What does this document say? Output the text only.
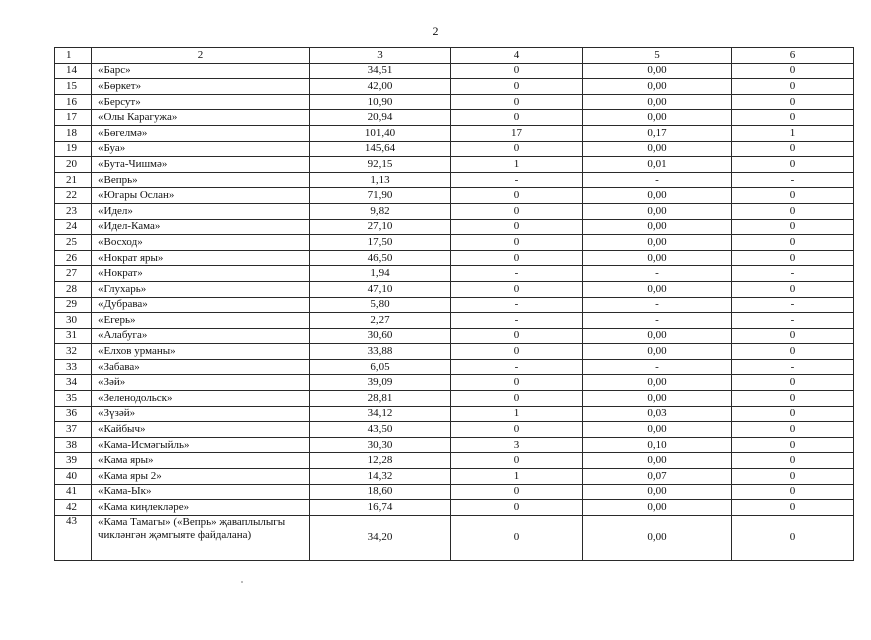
2
1	2	3	4	5	6
14	«Барс»	34,51	0	0,00	0
15	«Бөркет»	42,00	0	0,00	0
16	«Берсут»	10,90	0	0,00	0
17	«Олы Карагужа»	20,94	0	0,00	0
18	«Бөгелмә»	101,40	17	0,17	1
19	«Буа»	145,64	0	0,00	0
20	«Бута-Чишмә»	92,15	1	0,01	0
21	«Вепрь»	1,13	-	-	-
22	«Югары Ослан»	71,90	0	0,00	0
23	«Идел»	9,82	0	0,00	0
24	«Идел-Кама»	27,10	0	0,00	0
25	«Восход»	17,50	0	0,00	0
26	«Нократ яры»	46,50	0	0,00	0
27	«Нократ»	1,94	-	-	-
28	«Глухарь»	47,10	0	0,00	0
29	«Дубрава»	5,80	-	-	-
30	«Егерь»	2,27	-	-	-
31	«Алабуга»	30,60	0	0,00	0
32	«Елхов урманы»	33,88	0	0,00	0
33	«Забава»	6,05	-	-	-
34	«Зәй»	39,09	0	0,00	0
35	«Зеленодольск»	28,81	0	0,00	0
36	«Зүзәй»	34,12	1	0,03	0
37	«Кайбыч»	43,50	0	0,00	0
38	«Кама-Исмәгыйль»	30,30	3	0,10	0
39	«Кама яры»	12,28	0	0,00	0
40	«Кама яры 2»	14,32	1	0,07	0
41	«Кама-Ык»	18,60	0	0,00	0
42	«Кама киңлекләре»	16,74	0	0,00	0
43	«Кама Тамагы» («Вепрь» җаваплылыгы чикләнгән җәмгыяте файдалана)	34,20	0	0,00	0
